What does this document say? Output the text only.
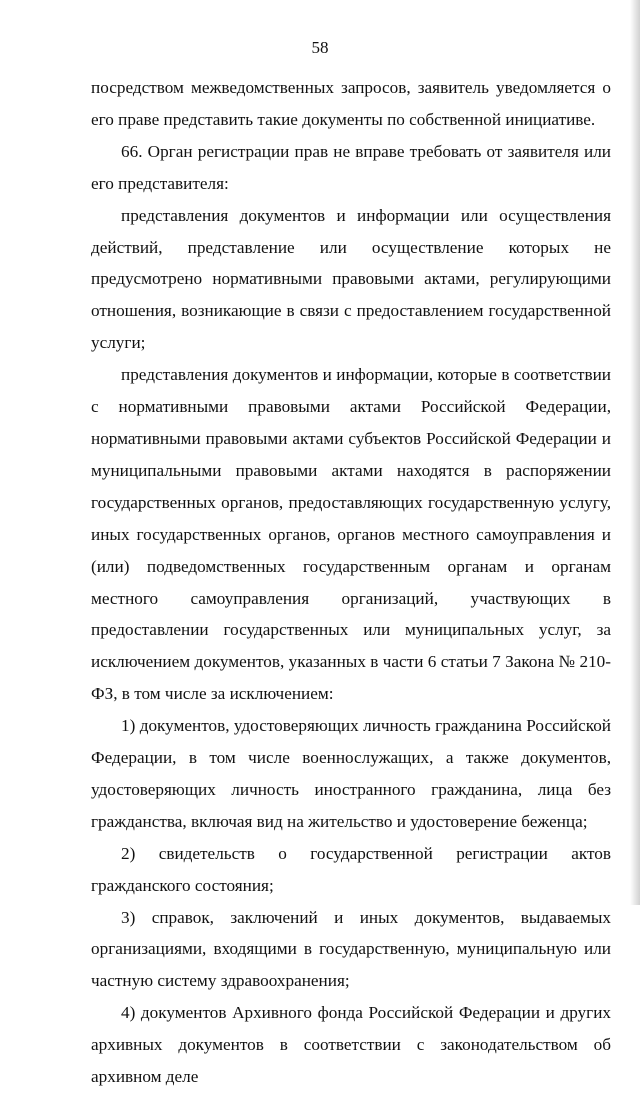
58

посредством межведомственных запросов, заявитель уведомляется о его праве представить такие документы по собственной инициативе.

66. Орган регистрации прав не вправе требовать от заявителя или его представителя:

представления документов и информации или осуществления действий, представление или осуществление которых не предусмотрено нормативными правовыми актами, регулирующими отношения, возникающие в связи с предоставлением государственной услуги;

представления документов и информации, которые в соответствии с нормативными правовыми актами Российской Федерации, нормативными правовыми актами субъектов Российской Федерации и муниципальными правовыми актами находятся в распоряжении государственных органов, предоставляющих государственную услугу, иных государственных органов, органов местного самоуправления и (или) подведомственных государственным органам и органам местного самоуправления организаций, участвующих в предоставлении государственных или муниципальных услуг, за исключением документов, указанных в части 6 статьи 7 Закона № 210-ФЗ, в том числе за исключением:

1) документов, удостоверяющих личность гражданина Российской Федерации, в том числе военнослужащих, а также документов, удостоверяющих личность иностранного гражданина, лица без гражданства, включая вид на жительство и удостоверение беженца;

2) свидетельств о государственной регистрации актов гражданского состояния;

3) справок, заключений и иных документов, выдаваемых организациями, входящими в государственную, муниципальную или частную систему здравоохранения;

4) документов Архивного фонда Российской Федерации и других архивных документов в соответствии с законодательством об архивном деле
